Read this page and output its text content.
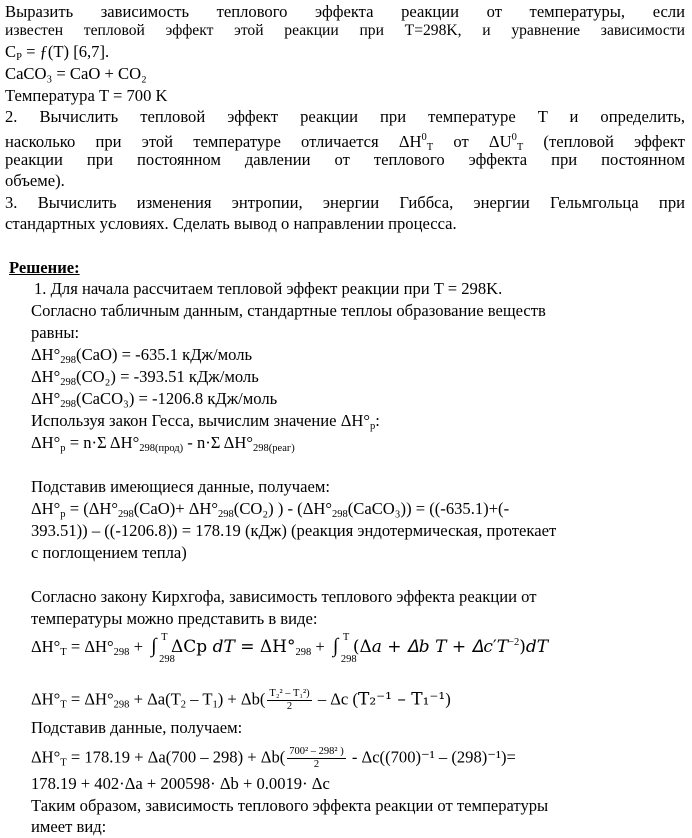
Выразить зависимость теплового эффекта реакции от температуры, если
известен тепловой эффект этой реакции при T=298K, и уравнение зависимости
$C_P$ = ƒ(T) [6,7].
CaCO₃ = CaO + CO₂
Температура T = 700 K
2. Вычислить тепловой эффект реакции при температуре T и определить,
насколько при этой температуре отличается $\Delta H^0_T$ от $\Delta U^0_T$ (тепловой эффект
реакции при постоянном давлении от теплового эффекта при постоянном
объеме).
3. Вычислить изменения энтропии, энергии Гиббса, энергии Гельмгольца при
стандартных условиях. Сделать вывод о направлении процесса.
Решение:
1. Для начала рассчитаем тепловой эффект реакции при T = 298K.
Согласно табличным данным, стандартные теплоы образование веществ
равны:
$\Delta H^\circ_{298}(CaO) = -635.1$ кДж/моль
$\Delta H^\circ_{298}(CO_2) = -393.51$ кДж/моль
$\Delta H^\circ_{298}(CaCO_3) = -1206.8$ кДж/моль
Используя закон Гесса, вычислим значение $\Delta H^\circ_p$:
$\Delta H^\circ_p = n\cdot\Sigma$ $\Delta H^\circ_{298(прод)} - n\cdot\Sigma$ $\Delta H^\circ_{298(реаг)}$
Подставив имеющиеся данные, получаем:
$\Delta H^\circ_p = (\Delta H^\circ_{298}(CaO)+ \Delta H^\circ_{298}(CO_2)$ ) - $(\Delta H^\circ_{298}(CaCO_3)) = ((-635.1)+(-$
393.51)) – ((-1206.8)) = 178.19 (кДж) (реакция эндотермическая, протекает
с поглощением тепла)
Согласно закону Кирхгофа, зависимость теплового эффекта реакции от
температуры можно представить в виде:
$\Delta H^\circ_T = \Delta H^\circ_{298}$ + ∫ T
298
ΔCp 𝑑𝑇 = $\Delta H^\circ_{298}$ + ∫ T
298
(Δ𝑎 + 𝛥𝑏 𝑇 + 𝛥𝑐′𝑇$^{-2}$)𝑑𝑇
$\Delta H^\circ_T = \Delta H^\circ_{298} + \Delta a(T_2 - T_1) + \Delta b( \frac{\text{T₂² – T₁²)}}{2} - \Delta c$ (T₂⁻¹ – T₁⁻¹)
Подставив данные, получаем:
$\Delta H^\circ_T = 178.19 + \Delta a(700 - 298) + \Delta b( \frac{\text{700² – 298² )}}{2} - \Delta c((700)^{-1} - (298)^{-1})=$
178.19 + 402·Δa + 200598· Δb + 0.0019· Δc
Таким образом, зависимость теплового эффекта реакции от температуры
имеет вид:
